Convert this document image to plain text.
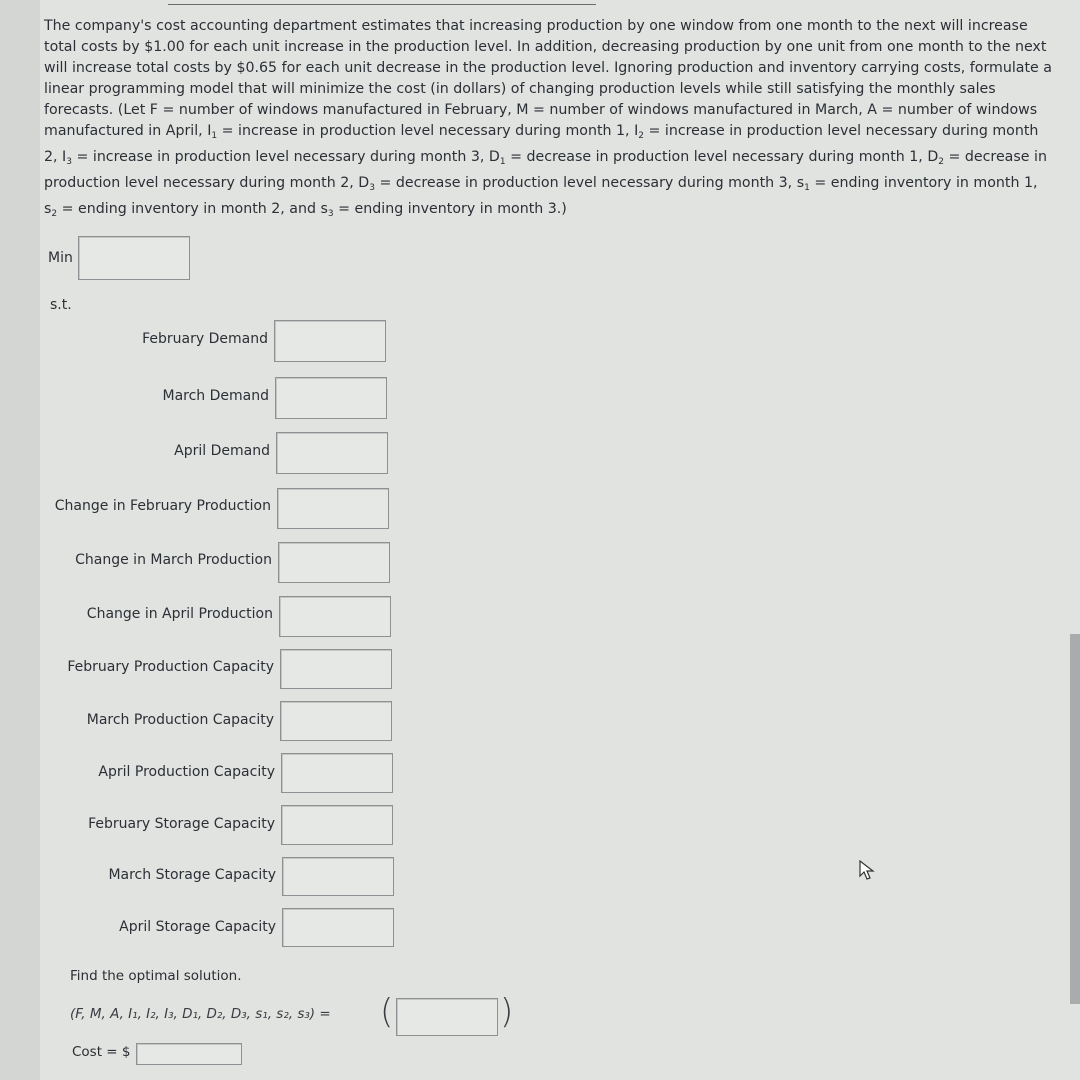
The company's cost accounting department estimates that increasing production by one window from one month to the next will increase total costs by $1.00 for each unit increase in the production level. In addition, decreasing production by one unit from one month to the next will increase total costs by $0.65 for each unit decrease in the production level. Ignoring production and inventory carrying costs, formulate a linear programming model that will minimize the cost (in dollars) of changing production levels while still satisfying the monthly sales forecasts. (Let F = number of windows manufactured in February, M = number of windows manufactured in March, A = number of windows manufactured in April, $I_1$ = increase in production level necessary during month 1, $I_2$ = increase in production level necessary during month 2, $I_3$ = increase in production level necessary during month 3, $D_1$ = decrease in production level necessary during month 1, $D_2$ = decrease in production level necessary during month 2, $D_3$ = decrease in production level necessary during month 3, $s_1$ = ending inventory in month 1, $s_2$ = ending inventory in month 2, and $s_3$ = ending inventory in month 3.)

Min
s.t.
February Demand
March Demand
April Demand
Change in February Production
Change in March Production
Change in April Production
February Production Capacity
March Production Capacity
April Production Capacity
February Storage Capacity
March Storage Capacity
April Storage Capacity
Find the optimal solution.
(F, M, A, I₁, I₂, I₃, D₁, D₂, D₃, s₁, s₂, s₃) = (	)
Cost = $
